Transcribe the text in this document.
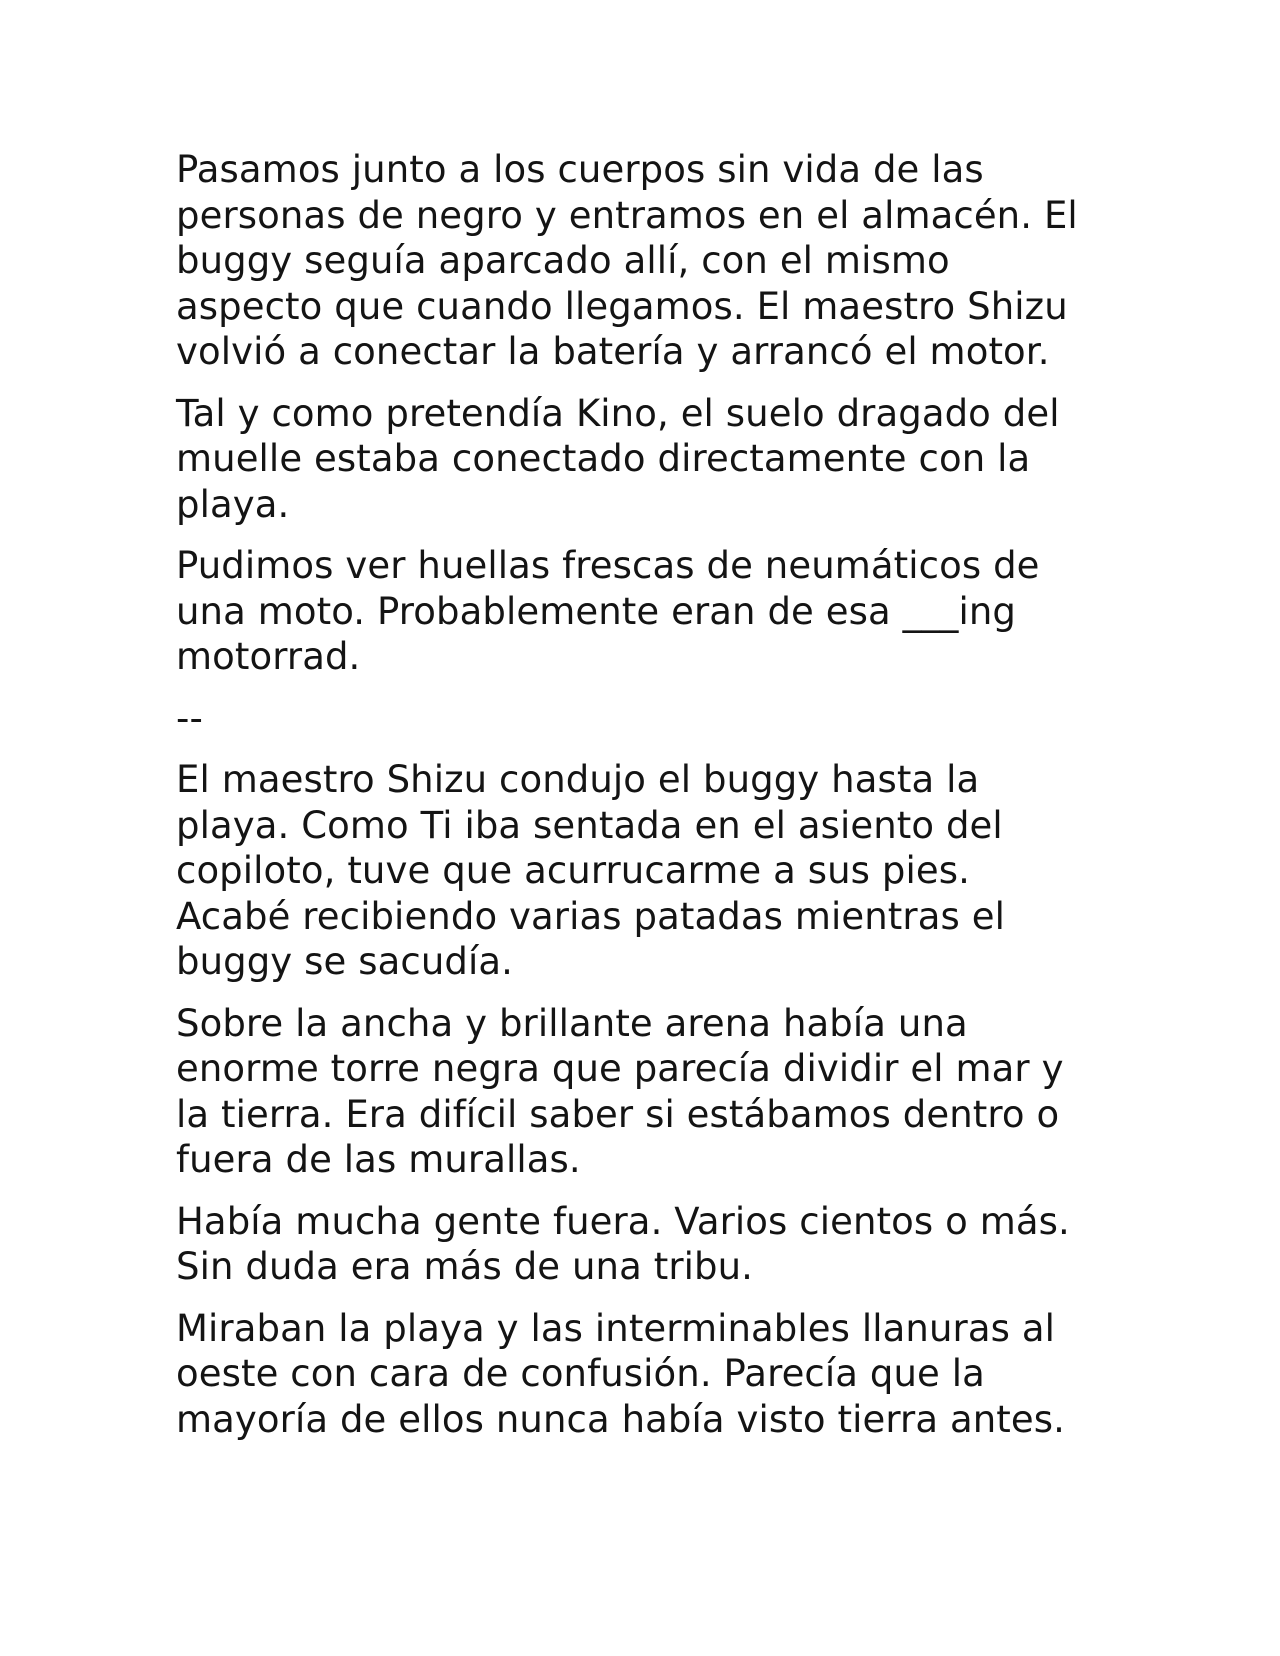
Pasamos junto a los cuerpos sin vida de las
personas de negro y entramos en el almacén. El
buggy seguía aparcado allí, con el mismo
aspecto que cuando llegamos. El maestro Shizu
volvió a conectar la batería y arrancó el motor.

Tal y como pretendía Kino, el suelo dragado del
muelle estaba conectado directamente con la
playa.

Pudimos ver huellas frescas de neumáticos de
una moto. Probablemente eran de esa ___ing
motorrad.

--

El maestro Shizu condujo el buggy hasta la
playa. Como Ti iba sentada en el asiento del
copiloto, tuve que acurrucarme a sus pies.
Acabé recibiendo varias patadas mientras el
buggy se sacudía.

Sobre la ancha y brillante arena había una
enorme torre negra que parecía dividir el mar y
la tierra. Era difícil saber si estábamos dentro o
fuera de las murallas.

Había mucha gente fuera. Varios cientos o más.
Sin duda era más de una tribu.

Miraban la playa y las interminables llanuras al
oeste con cara de confusión. Parecía que la
mayoría de ellos nunca había visto tierra antes.
